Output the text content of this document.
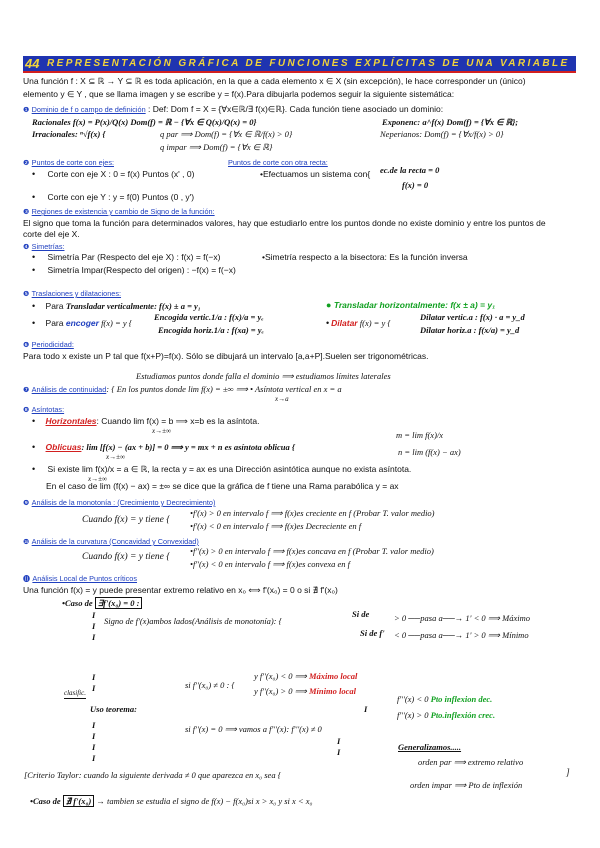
44 REPRESENTACIÓN GRÁFICA DE FUNCIONES EXPLÍCITAS DE UNA VARIABLE
Una función f : X ⊆ ℝ → Y ⊆ ℝ es toda aplicación, en la que a cada elemento x ∈ X (sin excepción), le hace corresponder un (único)
elemento y ∈ Y , que se llama imagen y se escribe y = f(x).Para dibujarla podemos seguir la siguiente sistemática:
❶ Dominio de f o campo de definición : Def: Dom f = X = {∀x∈ℝ/∃ f(x)∈ℝ}. Cada función tiene asociado un dominio:
Racionales f(x) = P(x)/Q(x) Dom(f) = ℝ − {∀x ∈ Q(x)/Q(x) = 0}	Exponenc: a^f(x) Dom(f) = {∀x ∈ ℝ};
Irracionales: ⁿ√f(x) {	q par ⟹ Dom(f) = {∀x ∈ ℝ/f(x) > 0}	Neperianos: Dom(f) = {∀x/f(x) > 0}
q impar ⟹ Dom(f) = {∀x ∈ ℝ}
❷ Puntos de corte con ejes:	Puntos de corte con otra recta:
• Corte con eje X : 0 = f(x) Puntos (x' , 0)	•Efectuamos un sistema con{ ec.de la recta = 0
f(x) = 0
• Corte con eje Y : y = f(0) Puntos (0 , y')
❸ Regiones de existencia y cambio de Signo de la función:
El signo que toma la función para determinados valores, hay que estudiarlo entre los puntos donde no existe dominio y entre los puntos de
corte del eje X.
❹ Simetrías:
• Simetría Par (Respecto del eje X) : f(x) = f(−x)	•Simetría respecto a la bisectora: Es la función inversa
• Simetría Impar(Respecto del origen) : −f(x) = f(−x)
❺ Traslaciones y dilataciones:
• Para Transladar verticalmente: f(x) ± a = y₁	● Transladar horizontalmente: f(x ± a) = y₁
Encogida vertic.1/a : f(x)/a = yₑ
• Para encoger f(x) = y {
Encogida horiz.1/a : f(xa) = yₑ
Dilatar vertic.a : f(x) · a = y_d
• Dilatar f(x) = y {
Dilatar horiz.a : f(x/a) = y_d
❻ Periodicidad:
Para todo x existe un P tal que f(x+P)=f(x). Sólo se dibujará un intervalo [a,a+P].Suelen ser trigonométricas.
Estudiamos puntos donde falla el dominio ⟹ estudiamos límites laterales
❼ Análisis de continuidad: { En los puntos donde lim f(x) = ±∞ ⟹ • Asíntota vertical en x = a
x→a
❽ Asíntotas:
• Horizontales: Cuando lim f(x) = b ⟹ x=b es la asíntota.
x→±∞	m = lim f(x)/x
• Oblicuas: lim [f(x) − (ax + b)] = 0 ⟹ y = mx + n es asíntota oblicua {
x→±∞	n = lim (f(x) − ax)
• Si existe lim f(x)/x = a ∈ ℝ, la recta y = ax es una Dirección asintótica aunque no exista asíntota.
x→±∞
En el caso de lim (f(x) − ax) = ±∞ se dice que la gráfica de f tiene una Rama parabólica y = ax
❾ Análisis de la monotonía : (Crecimiento y Decrecimiento)
•f'(x) > 0 en intervalo f ⟹ f(x)es creciente en f (Probar T. valor medio)
Cuando f(x) = y tiene {
•f'(x) < 0 en intervalo f ⟹ f(x)es Decreciente en f
❿ Análisis de la curvatura (Concavidad y Convexidad)
•f''(x) > 0 en intervalo f ⟹ f(x)es concava en f (Probar T. valor medio)
Cuando f(x) = y tiene {
•f''(x) < 0 en intervalo f ⟹ f(x)es convexa en f
⓫ Análisis Local de Puntos críticos
Una función f(x) = y puede presentar extremo relativo en x₀ ⟺ f'(x₀) = 0 o si ∄ f'(x₀)
•Caso de ∃f'(x₀) = 0 :
I
I
I
Signo de f'(x)ambos lados(Análisis de monotonía): {
Si de	> 0 ──pasa a──→ 1' < 0 ⟹ Máximo
Si de f' < 0 ──pasa a──→ 1' > 0 ⟹ Mínimo
I
I
clasific.
si f''(x₀) ≠ 0 : {
y f''(x₀) < 0 ⟹ Máximo local
y f''(x₀) > 0 ⟹ Mínimo local
f'''(x) < 0 Pto inflexion dec.
Uso teorema:	I
f'''(x) > 0 Pto.inflexión crec.
I
I
I
I
si f''(x) = 0 ⟹ vamos a f'''(x): f'''(x) ≠ 0
I
I	Generalizamos.....
orden par ⟹ extremo relativo
orden impar ⟹ Pto de inflexión
[Criterio Taylor: cuando la siguiente derivada ≠ 0 que aparezca en x₀ sea {	]
•Caso de ∄ f'(x₀) → tambien se estudia el signo de f(x) − f(x₀)si x > x₀ y si x < x₀
